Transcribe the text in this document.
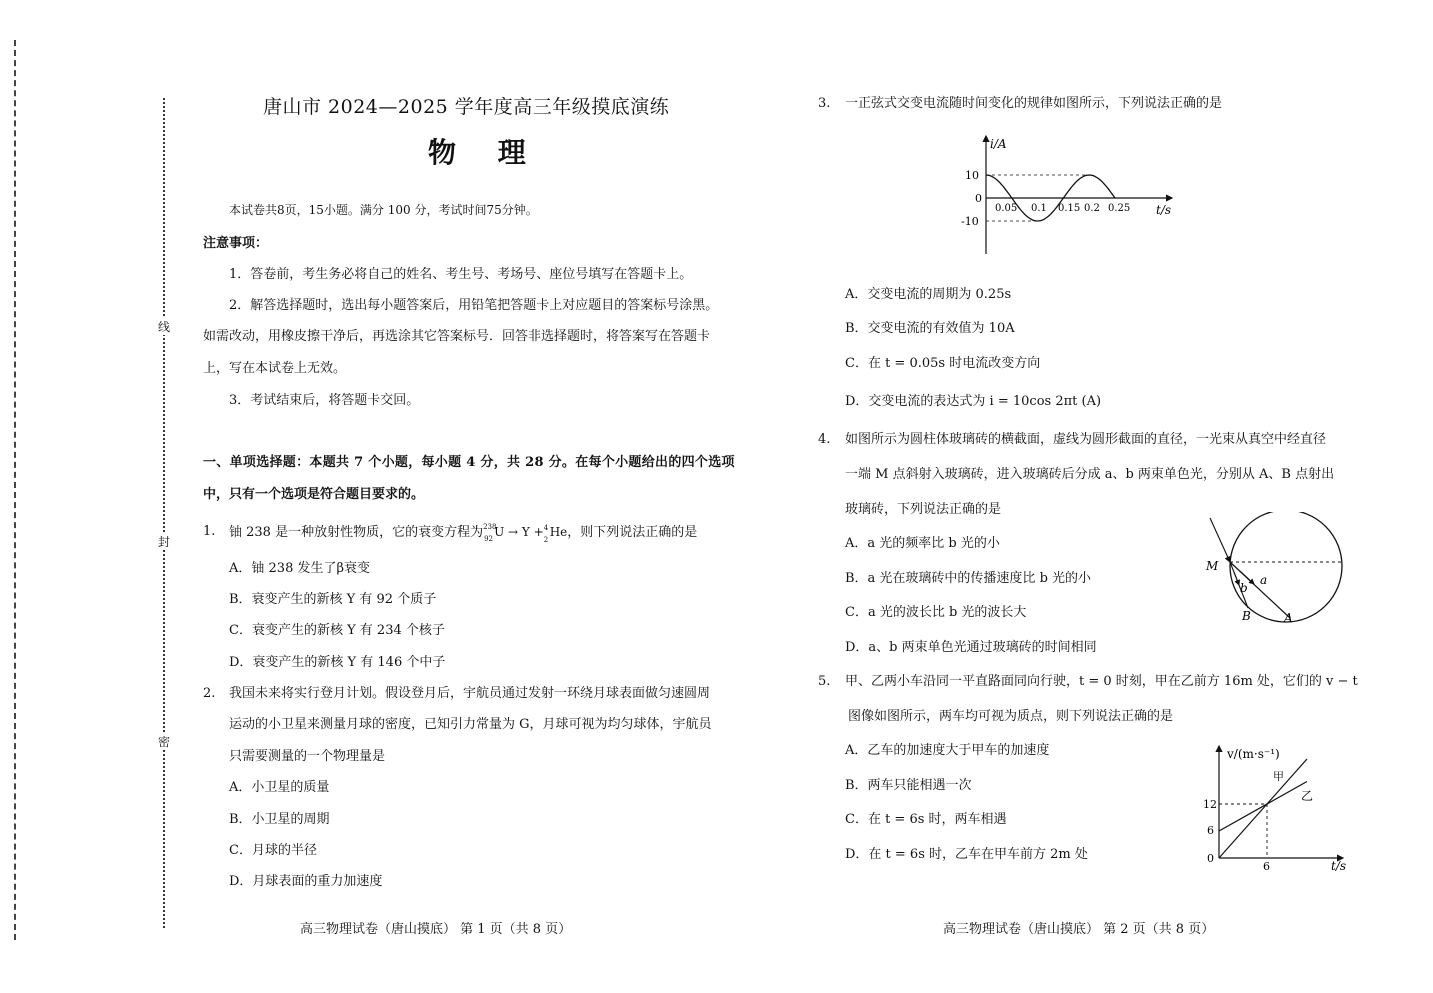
线
封
密
唐山市 2024—2025 学年度高三年级摸底演练
物 理
本试卷共8页，15小题。满分 100 分，考试时间75分钟。
注意事项：
1．答卷前，考生务必将自己的姓名、考生号、考场号、座位号填写在答题卡上。
2．解答选择题时，选出每小题答案后，用铅笔把答题卡上对应题目的答案标号涂黑。
如需改动，用橡皮擦干净后，再选涂其它答案标号．回答非选择题时，将答案写在答题卡
上，写在本试卷上无效。
3．考试结束后，将答题卡交回。
一、单项选择题：本题共 7 个小题，每小题 4 分，共 28 分。在每个小题给出的四个选项
中，只有一个选项是符合题目要求的。
1. 铀 238 是一种放射性物质，它的衰变方程为 238
92 U → Y + 4
2
He，则下列说法正确的是
A．铀 238 发生了β衰变
B．衰变产生的新核 Y 有 92 个质子
C．衰变产生的新核 Y 有 234 个核子
D．衰变产生的新核 Y 有 146 个中子
2. 我国未来将实行登月计划。假设登月后，宇航员通过发射一环绕月球表面做匀速圆周
运动的小卫星来测量月球的密度，已知引力常量为 G，月球可视为均匀球体，宇航员
只需要测量的一个物理量是
A．小卫星的质量
B．小卫星的周期
C．月球的半径
D．月球表面的重力加速度
高三物理试卷（唐山摸底） 第 1 页（共 8 页）
3. 一正弦式交变电流随时间变化的规律如图所示，下列说法正确的是
i/A
10
0
-10
0.05 0.1 0.15 0.2 0.25 t/s
A．交变电流的周期为 0.25s
B．交变电流的有效值为 10A
C．在 t = 0.05s 时电流改变方向
D．交变电流的表达式为 i = 10cos 2πt (A)
4. 如图所示为圆柱体玻璃砖的横截面，虚线为圆形截面的直径，一光束从真空中经直径
一端 M 点斜射入玻璃砖，进入玻璃砖后分成 a、b 两束单色光，分别从 A、B 点射出
玻璃砖，下列说法正确的是
A．a 光的频率比 b 光的小
B．a 光在玻璃砖中的传播速度比 b 光的小
C．a 光的波长比 b 光的波长大
D．a、b 两束单色光通过玻璃砖的时间相同
M
a
b
B	A
5. 甲、乙两小车沿同一平直路面同向行驶，t = 0 时刻，甲在乙前方 16m 处，它们的 v − t
图像如图所示，两车均可视为质点，则下列说法正确的是
A．乙车的加速度大于甲车的加速度
B．两车只能相遇一次
C．在 t = 6s 时，两车相遇
D．在 t = 6s 时，乙车在甲车前方 2m 处
v/(m·s⁻¹)
甲
乙
12
6
0
6	t/s
高三物理试卷（唐山摸底） 第 2 页（共 8 页）
